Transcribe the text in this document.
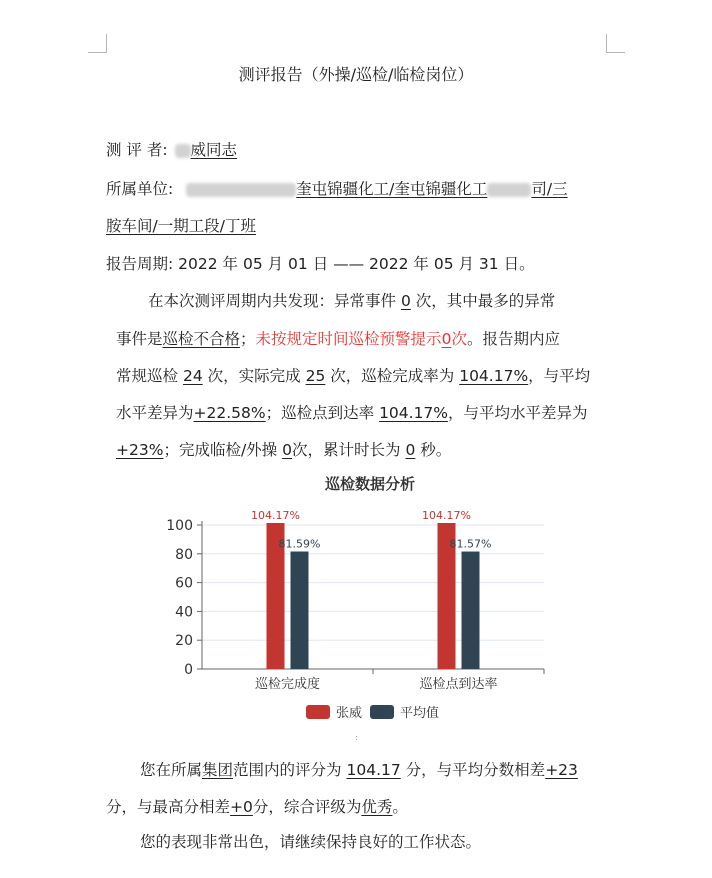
测评报告（外操/巡检/临检岗位）
测 评 者: 威同志
所属单位:	奎屯锦疆化工/奎屯锦疆化工	司/三
胺车间/一期工段/丁班
报告周期: 2022 年 05 月 01 日 —— 2022 年 05 月 31 日。
在本次测评周期内共发现：异常事件 0 次，其中最多的异常
事件是巡检不合格；未按规定时间巡检预警提示0次。报告期内应
常规巡检 24 次，实际完成 25 次，巡检完成率为 104.17%，与平均
水平差异为+22.58%；巡检点到达率 104.17%，与平均水平差异为
+23%；完成临检/外操 0次，累计时长为 0 秒。
巡检数据分析
0
20
40
60
80
100
巡检完成度
104.17%
81.59%
巡检点到达率
104.17%
81.57%
张威	平均值
:
您在所属集团范围内的评分为 104.17 分，与平均分数相差+23
分，与最高分相差+0分，综合评级为优秀。
您的表现非常出色，请继续保持良好的工作状态。
